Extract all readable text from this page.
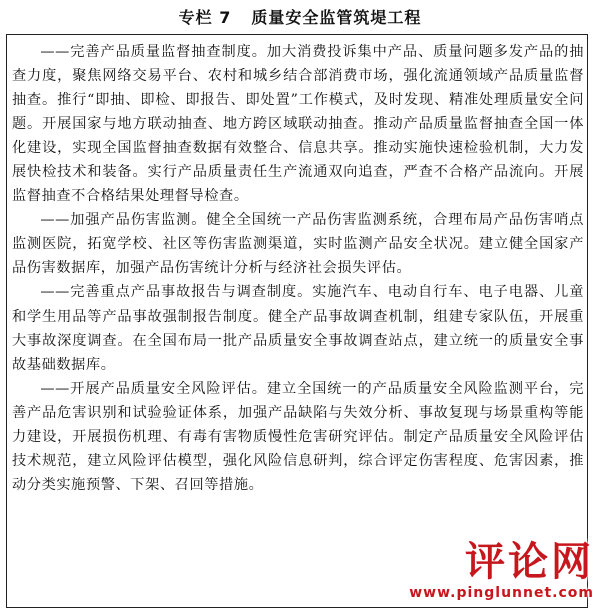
专栏 7 质量安全监管筑堤工程

——完善产品质量监督抽查制度。加大消费投诉集中产品、质量问题多发产品的抽查力度，聚焦网络交易平台、农村和城乡结合部消费市场，强化流通领域产品质量监督抽查。推行“即抽、即检、即报告、即处置”工作模式，及时发现、精准处理质量安全问题。开展国家与地方联动抽查、地方跨区域联动抽查。推动产品质量监督抽查全国一体化建设，实现全国监督抽查数据有效整合、信息共享。推动实施快速检验机制，大力发展快检技术和装备。实行产品质量责任生产流通双向追查，严查不合格产品流向。开展监督抽查不合格结果处理督导检查。

——加强产品伤害监测。健全全国统一产品伤害监测系统，合理布局产品伤害哨点监测医院，拓宽学校、社区等伤害监测渠道，实时监测产品安全状况。建立健全国家产品伤害数据库，加强产品伤害统计分析与经济社会损失评估。

——完善重点产品事故报告与调查制度。实施汽车、电动自行车、电子电器、儿童和学生用品等产品事故强制报告制度。健全产品事故调查机制，组建专家队伍，开展重大事故深度调查。在全国布局一批产品质量安全事故调查站点，建立统一的质量安全事故基础数据库。

——开展产品质量安全风险评估。建立全国统一的产品质量安全风险监测平台，完善产品危害识别和试验验证体系，加强产品缺陷与失效分析、事故复现与场景重构等能力建设，开展损伤机理、有毒有害物质慢性危害研究评估。制定产品质量安全风险评估技术规范，建立风险评估模型，强化风险信息研判，综合评定伤害程度、危害因素，推动分类实施预警、下架、召回等措施。

评论网
www.pinglunnet.com
